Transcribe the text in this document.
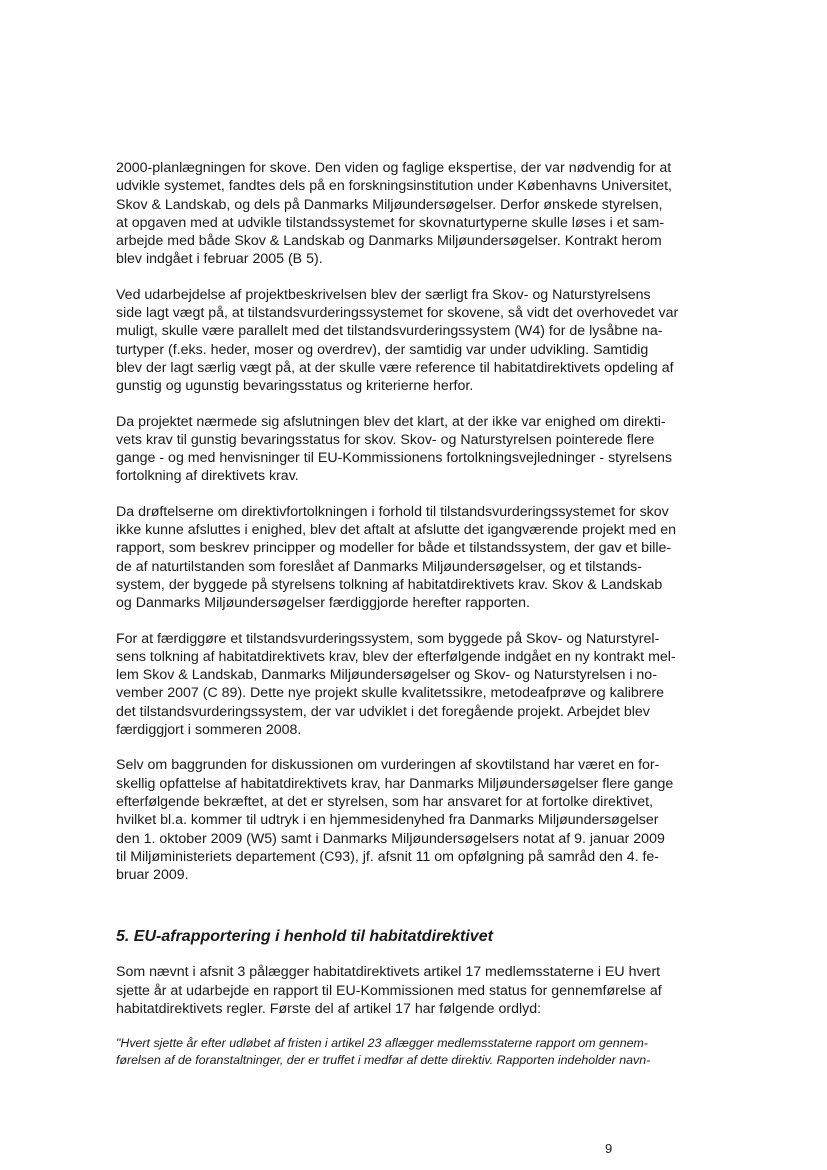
2000-planlægningen for skove. Den viden og faglige ekspertise, der var nødvendig for at
udvikle systemet, fandtes dels på en forskningsinstitution under Københavns Universitet,
Skov & Landskab, og dels på Danmarks Miljøundersøgelser. Derfor ønskede styrelsen,
at opgaven med at udvikle tilstandssystemet for skovnaturtyperne skulle løses i et sam-
arbejde med både Skov & Landskab og Danmarks Miljøundersøgelser. Kontrakt herom
blev indgået i februar 2005 (B 5).

Ved udarbejdelse af projektbeskrivelsen blev der særligt fra Skov- og Naturstyrelsens
side lagt vægt på, at tilstandsvurderingssystemet for skovene, så vidt det overhovedet var
muligt, skulle være parallelt med det tilstandsvurderingssystem (W4) for de lysåbne na-
turtyper (f.eks. heder, moser og overdrev), der samtidig var under udvikling. Samtidig
blev der lagt særlig vægt på, at der skulle være reference til habitatdirektivets opdeling af
gunstig og ugunstig bevaringsstatus og kriterierne herfor.

Da projektet nærmede sig afslutningen blev det klart, at der ikke var enighed om direkti-
vets krav til gunstig bevaringsstatus for skov. Skov- og Naturstyrelsen pointerede flere
gange - og med henvisninger til EU-Kommissionens fortolkningsvejledninger - styrelsens
fortolkning af direktivets krav.

Da drøftelserne om direktivfortolkningen i forhold til tilstandsvurderingssystemet for skov
ikke kunne afsluttes i enighed, blev det aftalt at afslutte det igangværende projekt med en
rapport, som beskrev principper og modeller for både et tilstandssystem, der gav et bille-
de af naturtilstanden som foreslået af Danmarks Miljøundersøgelser, og et tilstands-
system, der byggede på styrelsens tolkning af habitatdirektivets krav. Skov & Landskab
og Danmarks Miljøundersøgelser færdiggjorde herefter rapporten.

For at færdiggøre et tilstandsvurderingssystem, som byggede på Skov- og Naturstyrel-
sens tolkning af habitatdirektivets krav, blev der efterfølgende indgået en ny kontrakt mel-
lem Skov & Landskab, Danmarks Miljøundersøgelser og Skov- og Naturstyrelsen i no-
vember 2007 (C 89). Dette nye projekt skulle kvalitetssikre, metodeafprøve og kalibrere
det tilstandsvurderingssystem, der var udviklet i det foregående projekt. Arbejdet blev
færdiggjort i sommeren 2008.

Selv om baggrunden for diskussionen om vurderingen af skovtilstand har været en for-
skellig opfattelse af habitatdirektivets krav, har Danmarks Miljøundersøgelser flere gange
efterfølgende bekræftet, at det er styrelsen, som har ansvaret for at fortolke direktivet,
hvilket bl.a. kommer til udtryk i en hjemmesidenyhed fra Danmarks Miljøundersøgelser
den 1. oktober 2009 (W5) samt i Danmarks Miljøundersøgelsers notat af 9. januar 2009
til Miljøministeriets departement (C93), jf. afsnit 11 om opfølgning på samråd den 4. fe-
bruar 2009.

5. EU-afrapportering i henhold til habitatdirektivet

Som nævnt i afsnit 3 pålægger habitatdirektivets artikel 17 medlemsstaterne i EU hvert
sjette år at udarbejde en rapport til EU-Kommissionen med status for gennemførelse af
habitatdirektivets regler. Første del af artikel 17 har følgende ordlyd:

"Hvert sjette år efter udløbet af fristen i artikel 23 aflægger medlemsstaterne rapport om gennem-
førelsen af de foranstaltninger, der er truffet i medfør af dette direktiv. Rapporten indeholder navn-

9
